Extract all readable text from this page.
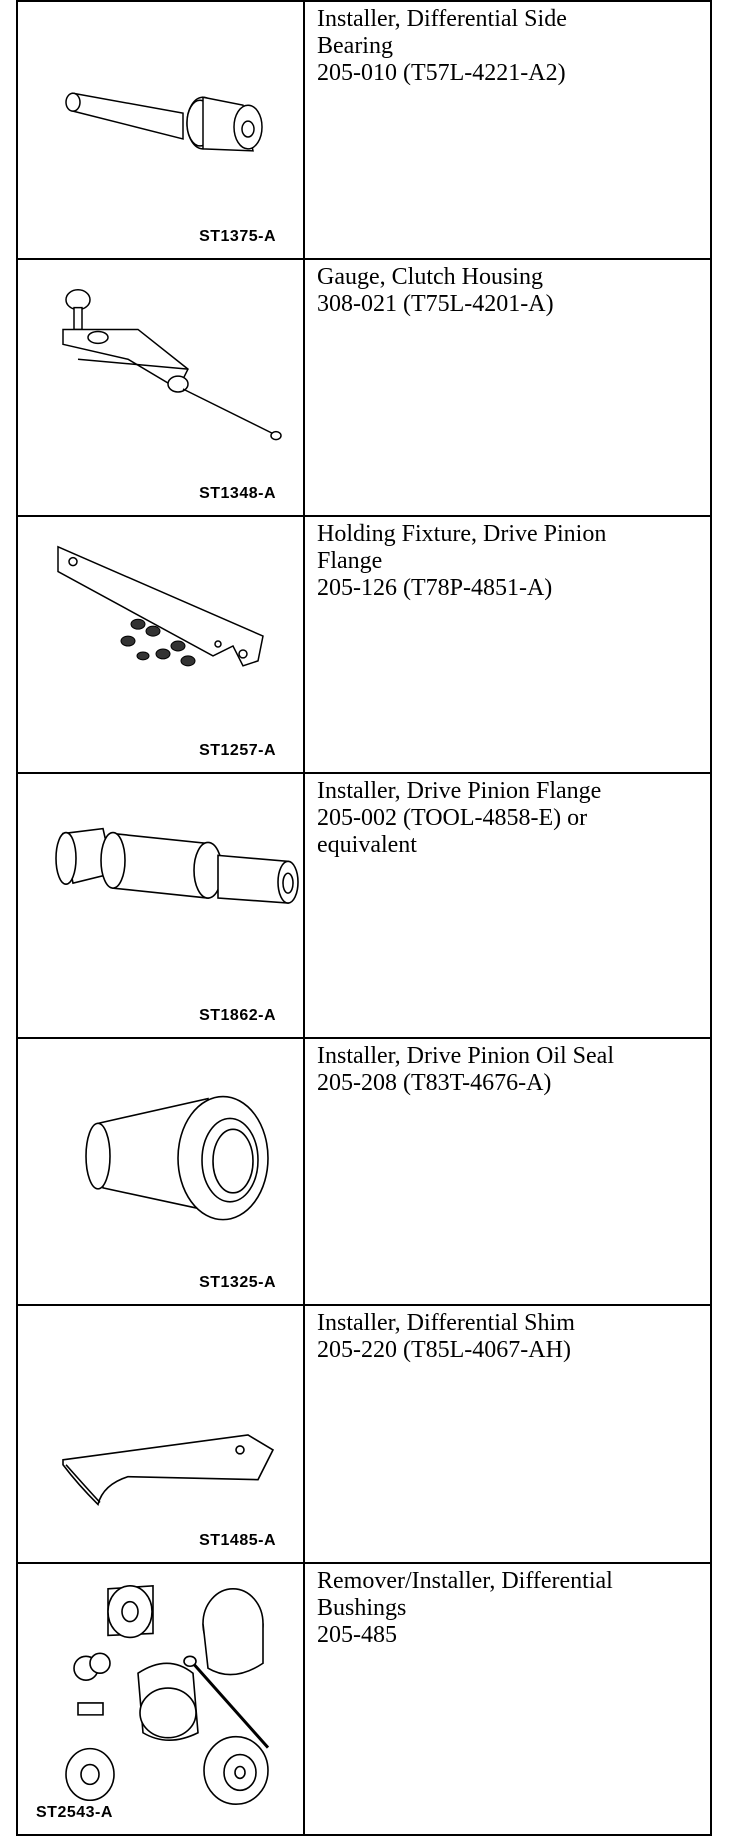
ST1375-A	Installer, Differential Side
Bearing
205-010 (T57L-4221-A2)

ST1348-A	Gauge, Clutch Housing
308-021 (T75L-4201-A)

ST1257-A	Holding Fixture, Drive Pinion
Flange
205-126 (T78P-4851-A)

ST1862-A	Installer, Drive Pinion Flange
205-002 (TOOL-4858-E) or
equivalent

ST1325-A	Installer, Drive Pinion Oil Seal
205-208 (T83T-4676-A)

ST1485-A	Installer, Differential Shim
205-220 (T85L-4067-AH)

ST2543-A	Remover/Installer, Differential
Bushings
205-485
